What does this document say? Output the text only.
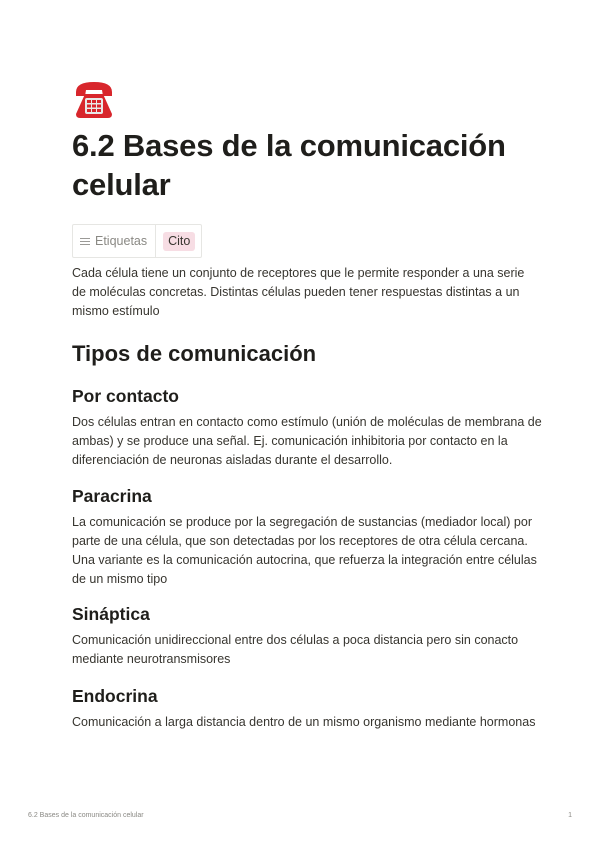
6.2 Bases de la comunicación celular
Etiquetas	Cito

Cada célula tiene un conjunto de receptores que le permite responder a una serie de moléculas concretas. Distintas células pueden tener respuestas distintas a un mismo estímulo

Tipos de comunicación
Por contacto

Dos células entran en contacto como estímulo (unión de moléculas de membrana de ambas) y se produce una señal. Ej. comunicación inhibitoria por contacto en la diferenciación de neuronas aisladas durante el desarrollo.

Paracrina

La comunicación se produce por la segregación de sustancias (mediador local) por parte de una célula, que son detectadas por los receptores de otra célula cercana. Una variante es la comunicación autocrina, que refuerza la integración entre células de un mismo tipo

Sináptica

Comunicación unidireccional entre dos células a poca distancia pero sin conacto mediante neurotransmisores

Endocrina

Comunicación a larga distancia dentro de un mismo organismo mediante hormonas

6.2 Bases de la comunicación celular	1
